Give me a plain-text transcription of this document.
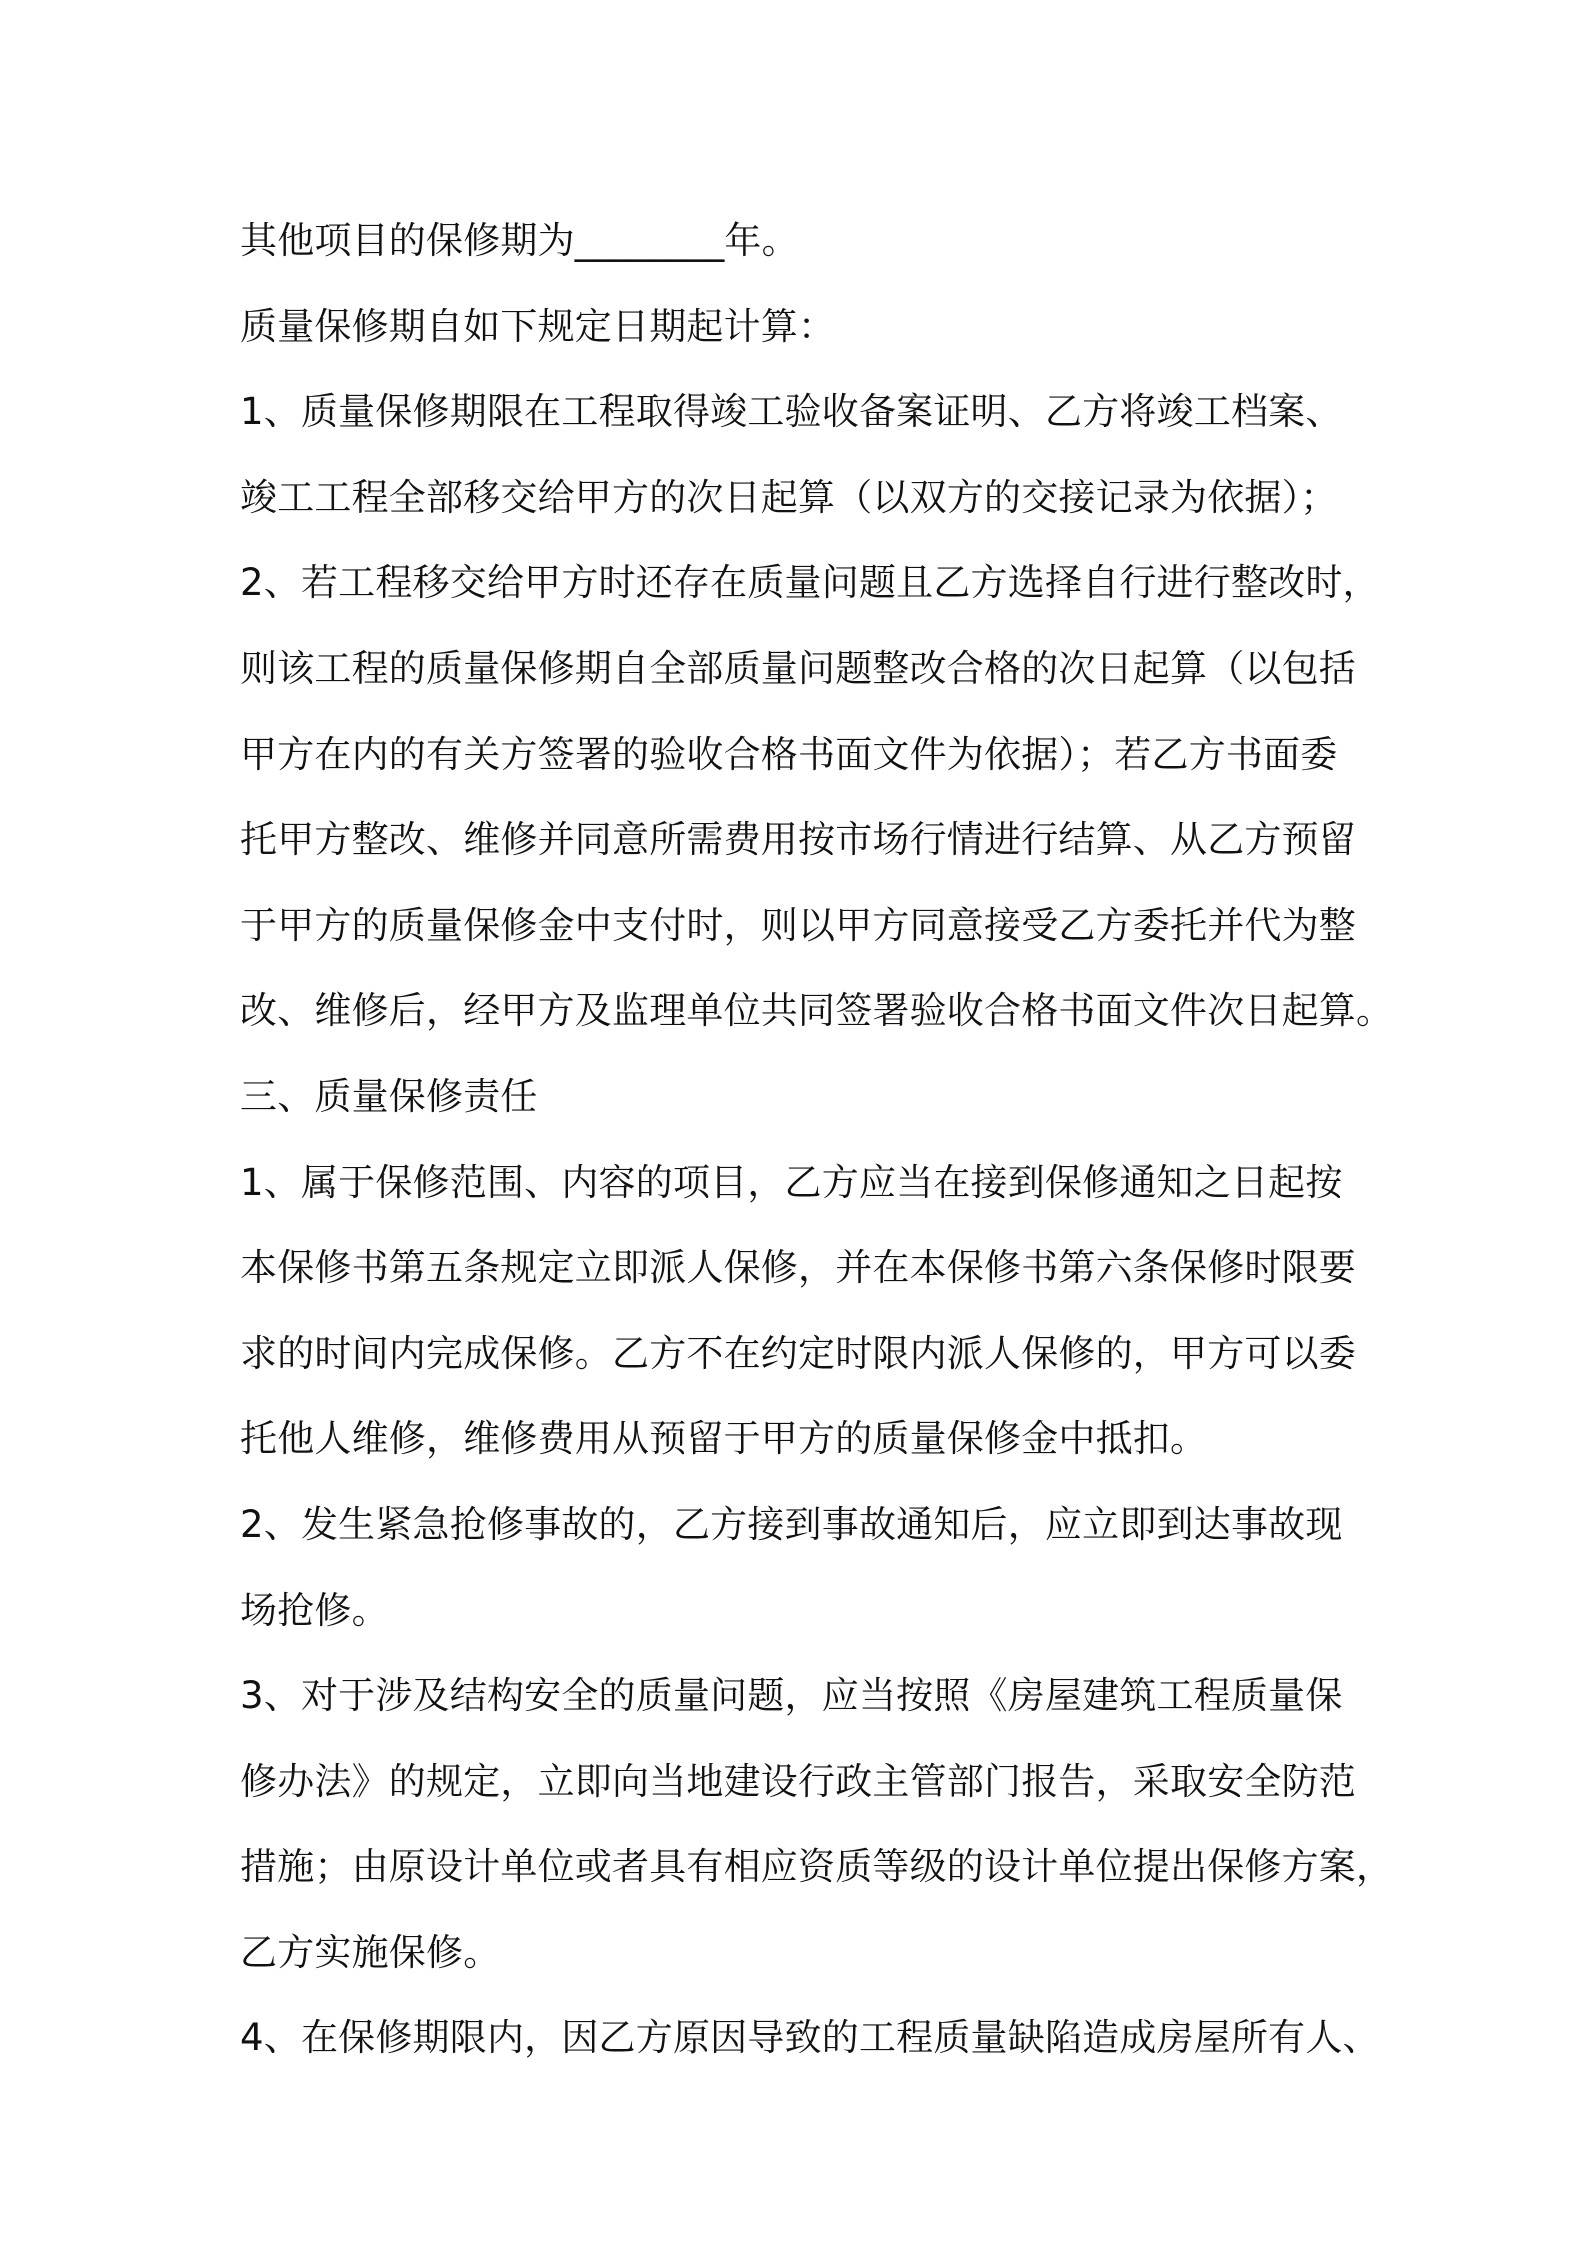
其他项目的保修期为________年。
质量保修期自如下规定日期起计算：
1、质量保修期限在工程取得竣工验收备案证明、乙方将竣工档案、
竣工工程全部移交给甲方的次日起算（以双方的交接记录为依据）；
2、若工程移交给甲方时还存在质量问题且乙方选择自行进行整改时，
则该工程的质量保修期自全部质量问题整改合格的次日起算（以包括
甲方在内的有关方签署的验收合格书面文件为依据）；若乙方书面委
托甲方整改、维修并同意所需费用按市场行情进行结算、从乙方预留
于甲方的质量保修金中支付时，则以甲方同意接受乙方委托并代为整
改、维修后，经甲方及监理单位共同签署验收合格书面文件次日起算。
三、质量保修责任
1、属于保修范围、内容的项目，乙方应当在接到保修通知之日起按
本保修书第五条规定立即派人保修，并在本保修书第六条保修时限要
求的时间内完成保修。乙方不在约定时限内派人保修的，甲方可以委
托他人维修，维修费用从预留于甲方的质量保修金中抵扣。
2、发生紧急抢修事故的，乙方接到事故通知后，应立即到达事故现
场抢修。
3、对于涉及结构安全的质量问题，应当按照《房屋建筑工程质量保
修办法》的规定，立即向当地建设行政主管部门报告，采取安全防范
措施；由原设计单位或者具有相应资质等级的设计单位提出保修方案，
乙方实施保修。
4、在保修期限内，因乙方原因导致的工程质量缺陷造成房屋所有人、
